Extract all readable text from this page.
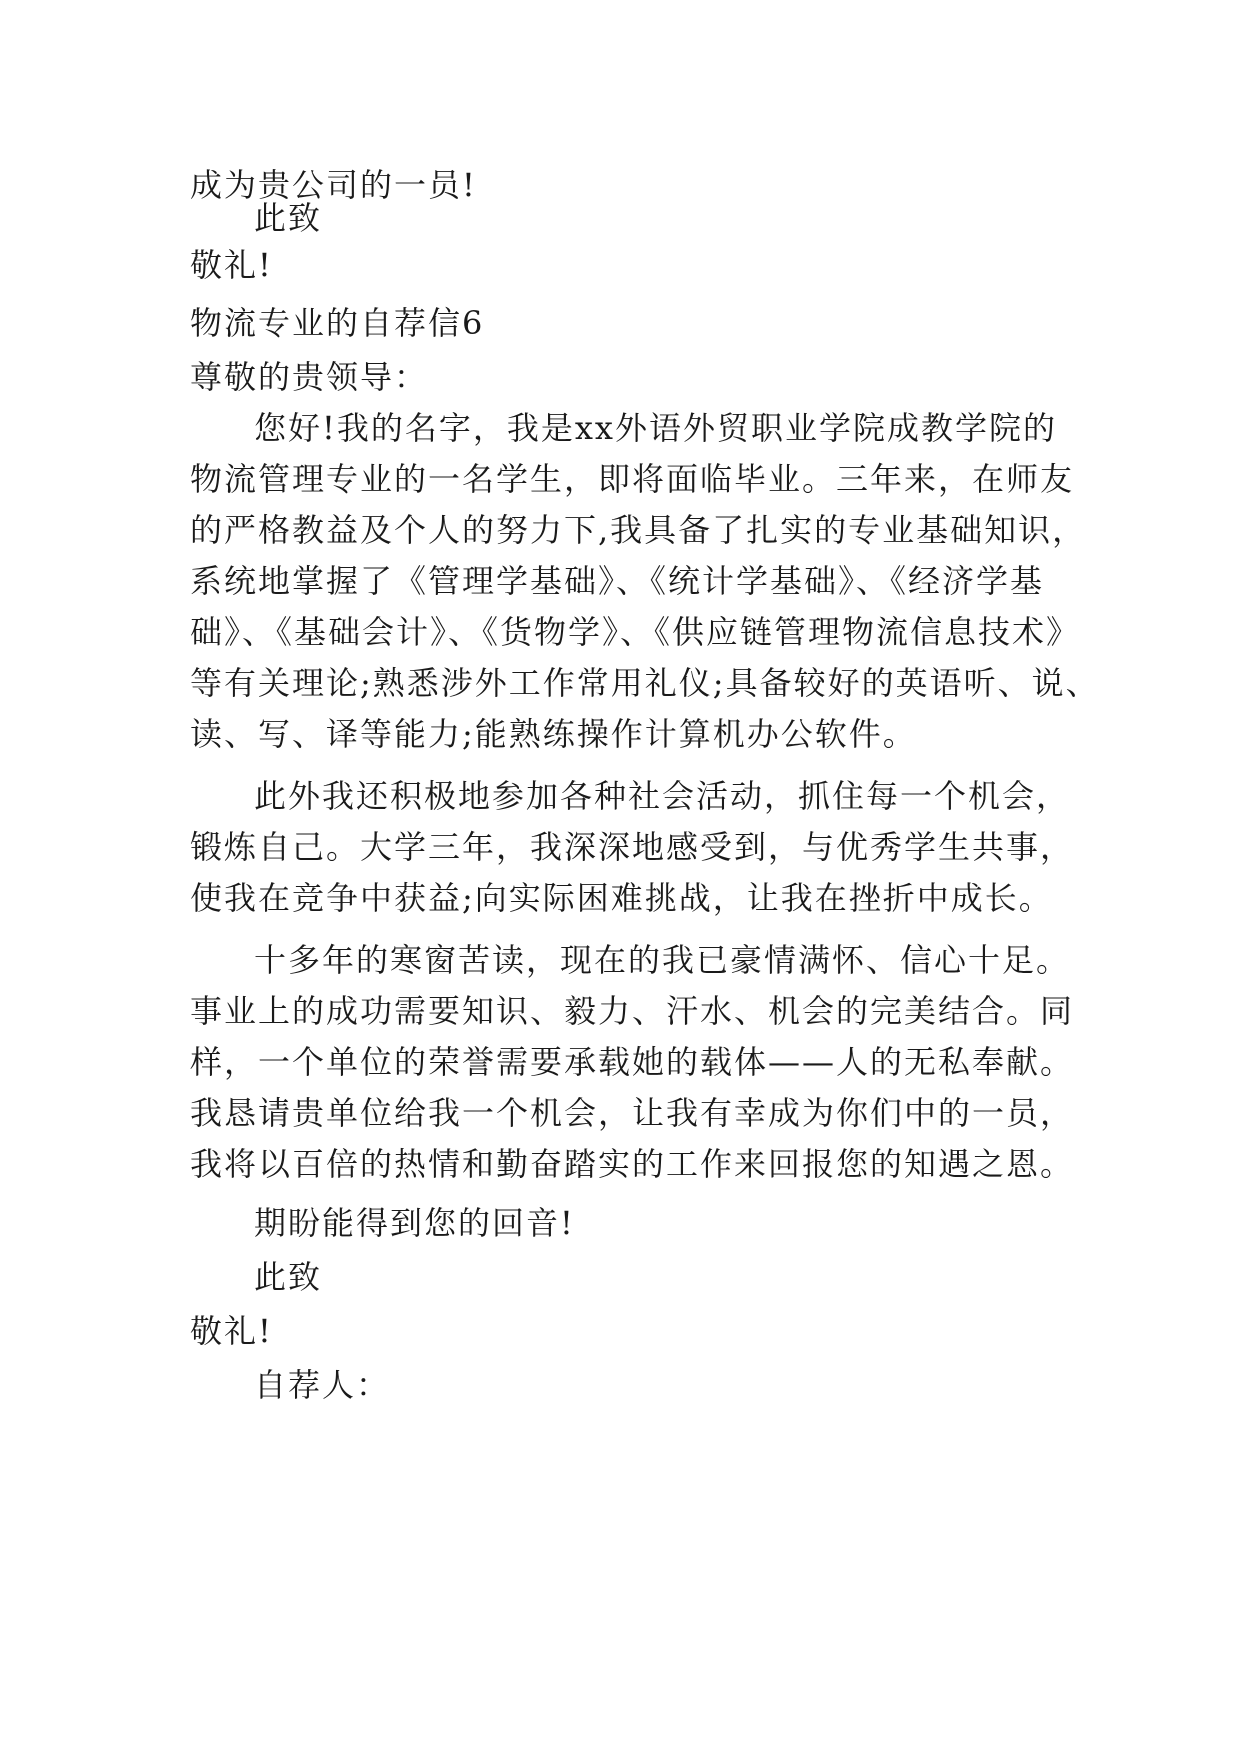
成为贵公司的一员!
此致
敬礼!
物流专业的自荐信6
尊敬的贵领导：
您好!我的名字，我是xx外语外贸职业学院成教学院的
物流管理专业的一名学生，即将面临毕业。三年来，在师友
的严格教益及个人的努力下,我具备了扎实的专业基础知识，
系统地掌握了《管理学基础》、《统计学基础》、《经济学基
础》、《基础会计》、《货物学》、《供应链管理物流信息技术》
等有关理论;熟悉涉外工作常用礼仪;具备较好的英语听、说、
读、写、译等能力;能熟练操作计算机办公软件。
此外我还积极地参加各种社会活动，抓住每一个机会，
锻炼自己。大学三年，我深深地感受到，与优秀学生共事，
使我在竞争中获益;向实际困难挑战，让我在挫折中成长。
十多年的寒窗苦读，现在的我已豪情满怀、信心十足。
事业上的成功需要知识、毅力、汗水、机会的完美结合。同
样，一个单位的荣誉需要承载她的载体——人的无私奉献。
我恳请贵单位给我一个机会，让我有幸成为你们中的一员，
我将以百倍的热情和勤奋踏实的工作来回报您的知遇之恩。
期盼能得到您的回音!
此致
敬礼!
自荐人：
